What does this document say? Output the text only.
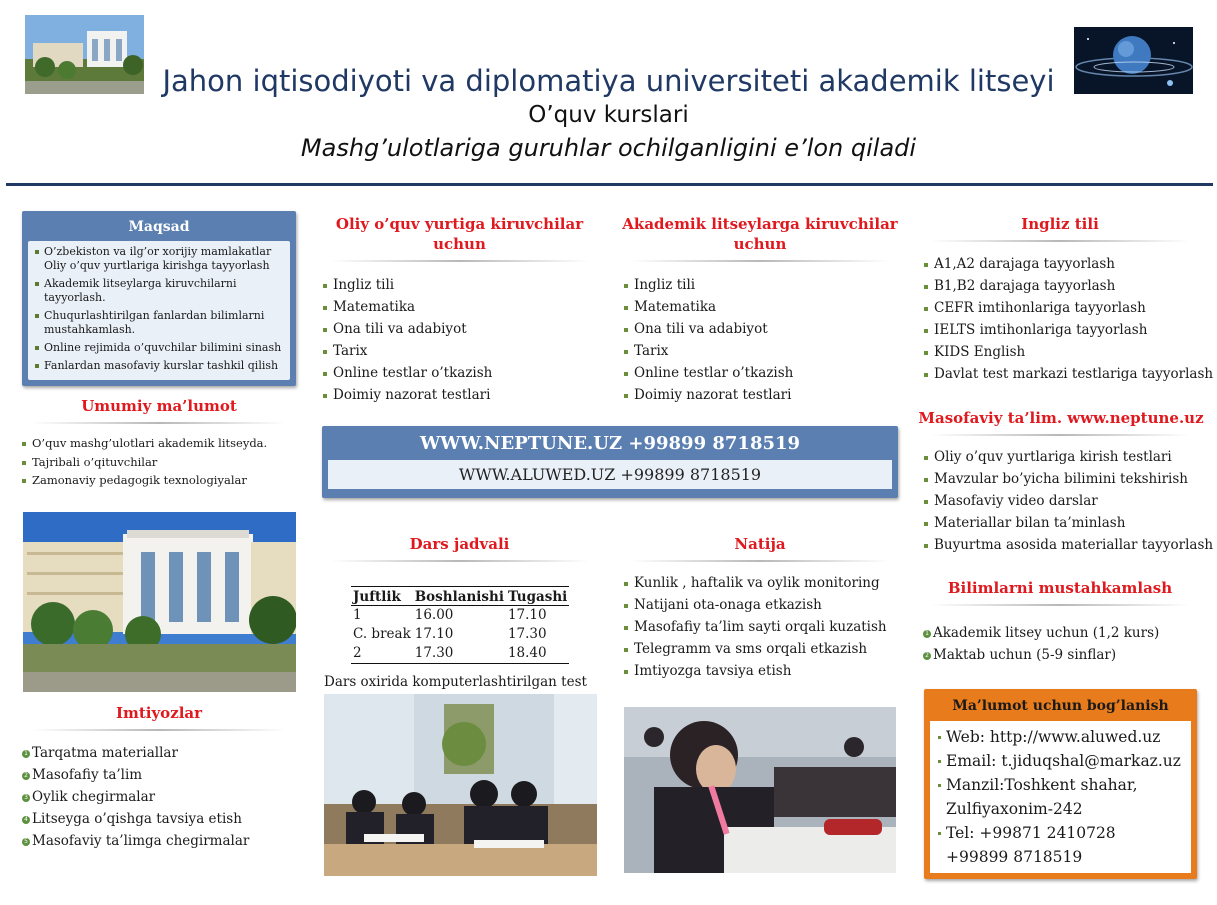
Jahon iqtisodiyoti va diplomatiya universiteti akademik litseyi
O’quv kurslari
Mashg’ulotlariga guruhlar ochilganligini e’lon qiladi
Maqsad
O’zbekiston va ilg’or xorijiy mamlakatlar Oliy o’quv yurtlariga kirishga tayyorlash
Akademik litseylarga kiruvchilarni tayyorlash.
Chuqurlashtirilgan fanlardan bilimlarni mustahkamlash.
Online rejimida o’quvchilar bilimini sinash
Fanlardan masofaviy kurslar tashkil qilish
Umumiy ma’lumot
O’quv mashg’ulotlari akademik litseyda.
Tajribali o’qituvchilar
Zamonaviy pedagogik texnologiyalar
Imtiyozlar
1 Tarqatma materiallar
2 Masofaﬁy ta’lim
3 Oylik chegirmalar
4 Litseyga o’qishga tavsiya etish
5 Masofaviy ta’limga chegirmalar
Oliy o’quv yurtiga kiruvchilar uchun
Ingliz tili
Matematika
Ona tili va adabiyot
Tarix
Online testlar o’tkazish
Doimiy nazorat testlari
Akademik litseylarga kiruvchilar uchun
Ingliz tili
Matematika
Ona tili va adabiyot
Tarix
Online testlar o’tkazish
Doimiy nazorat testlari
WWW.NEPTUNE.UZ +99899 8718519
WWW.ALUWED.UZ +99899 8718519
Dars jadvali
Juftlik	Boshlanishi	Tugashi
1	16.00	17.10
C. break	17.10	17.30
2	17.30	18.40
Dars oxirida komputerlashtirilgan test
Natija
Kunlik , haftalik va oylik monitoring
Natijani ota-onaga etkazish
Masofaﬁy ta’lim sayti orqali kuzatish
Telegramm va sms orqali etkazish
Imtiyozga tavsiya etish
Ingliz tili
A1,A2 darajaga tayyorlash
B1,B2 darajaga tayyorlash
CEFR imtihonlariga tayyorlash
IELTS imtihonlariga tayyorlash
KIDS English
Davlat test markazi testlariga tayyorlash
Masofaviy ta’lim. www.neptune.uz
Oliy o’quv yurtlariga kirish testlari
Mavzular bo’yicha bilimini tekshirish
Masofaviy video darslar
Materiallar bilan ta’minlash
Buyurtma asosida materiallar tayyorlash
Bilimlarni mustahkamlash
1 Akademik litsey uchun (1,2 kurs)
2 Maktab uchun (5-9 sinflar)
Ma’lumot uchun bog’lanish
Web: http://www.aluwed.uz
Email: t.jiduqshal@markaz.uz
Manzil:Toshkent shahar,
Zulﬁyaxonim-242
Tel: +99871 2410728
+99899 8718519
